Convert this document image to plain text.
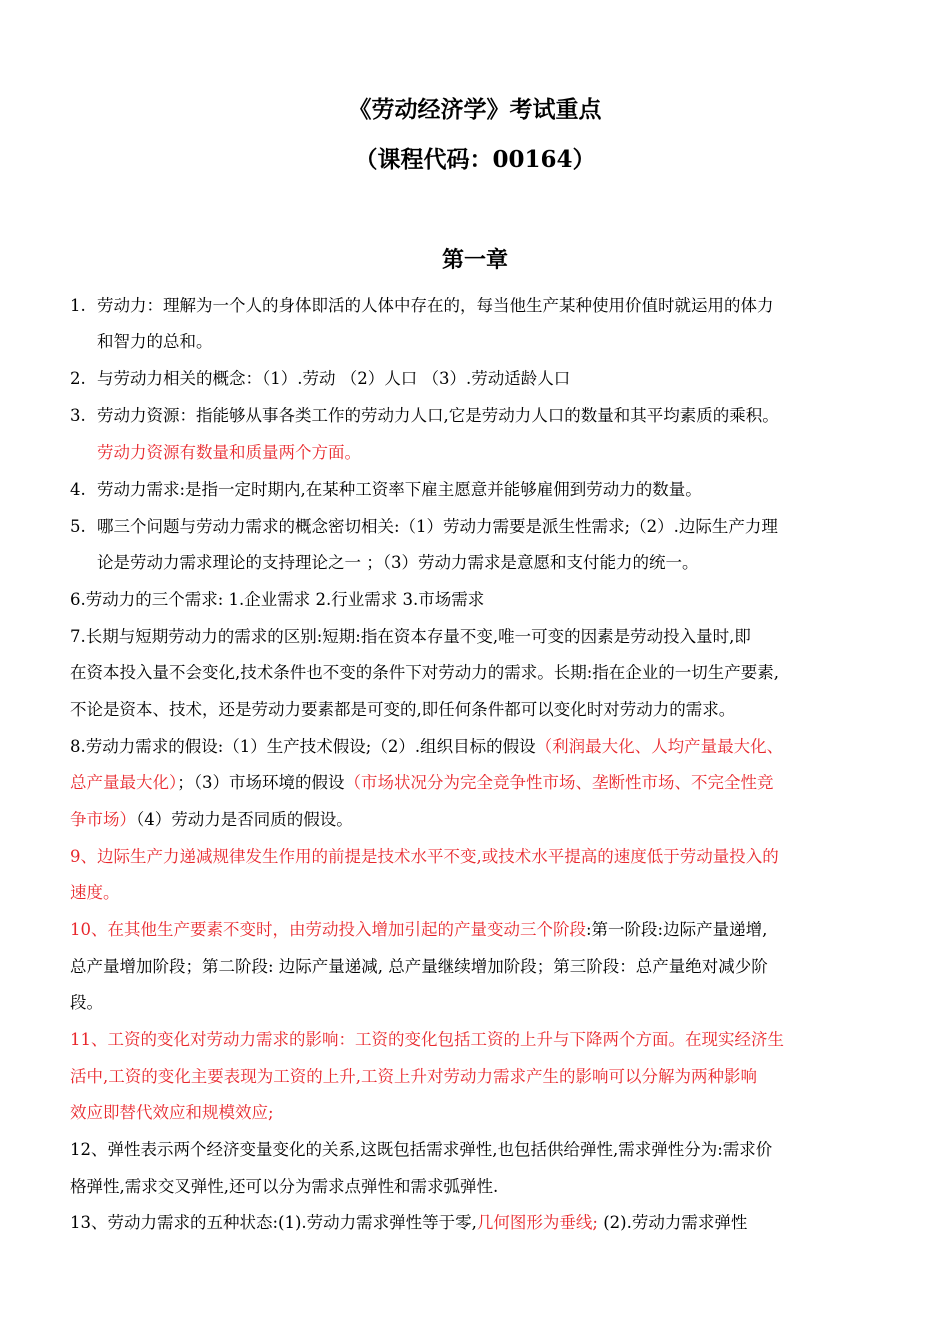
《劳动经济学》考试重点
（课程代码：00164）
第一章
1. 劳动力：理解为一个人的身体即活的人体中存在的，每当他生产某种使用价值时就运用的体力
和智力的总和。
2. 与劳动力相关的概念：（1）.劳动 （2）人口 （3）.劳动适龄人口
3. 劳动力资源：指能够从事各类工作的劳动力人口,它是劳动力人口的数量和其平均素质的乘积。
劳动力资源有数量和质量两个方面。
4. 劳动力需求:是指一定时期内,在某种工资率下雇主愿意并能够雇佣到劳动力的数量。
5. 哪三个问题与劳动力需求的概念密切相关:（1）劳动力需要是派生性需求;（2）.边际生产力理
论是劳动力需求理论的支持理论之一 ；（3）劳动力需求是意愿和支付能力的统一。
6.劳动力的三个需求: 1.企业需求 2.行业需求 3.市场需求
7.长期与短期劳动力的需求的区别:短期:指在资本存量不变,唯一可变的因素是劳动投入量时,即
在资本投入量不会变化,技术条件也不变的条件下对劳动力的需求。长期:指在企业的一切生产要素,
不论是资本、技术，还是劳动力要素都是可变的,即任何条件都可以变化时对劳动力的需求。
8.劳动力需求的假设:（1）生产技术假设;（2）.组织目标的假设（利润最大化、人均产量最大化、
总产量最大化）；（3）市场环境的假设（市场状况分为完全竞争性市场、垄断性市场、不完全性竞
争市场）（4）劳动力是否同质的假设。
9、边际生产力递减规律发生作用的前提是技术水平不变,或技术水平提高的速度低于劳动量投入的
速度。
10、在其他生产要素不变时，由劳动投入增加引起的产量变动三个阶段:第一阶段:边际产量递增,
总产量增加阶段；第二阶段: 边际产量递减, 总产量继续增加阶段；第三阶段：总产量绝对减少阶
段。
11、工资的变化对劳动力需求的影响：工资的变化包括工资的上升与下降两个方面。在现实经济生
活中,工资的变化主要表现为工资的上升,工资上升对劳动力需求产生的影响可以分解为两种影响
效应即替代效应和规模效应;
12、弹性表示两个经济变量变化的关系,这既包括需求弹性,也包括供给弹性,需求弹性分为:需求价
格弹性,需求交叉弹性,还可以分为需求点弹性和需求弧弹性.
13、劳动力需求的五种状态:(1).劳动力需求弹性等于零,几何图形为垂线; (2).劳动力需求弹性
